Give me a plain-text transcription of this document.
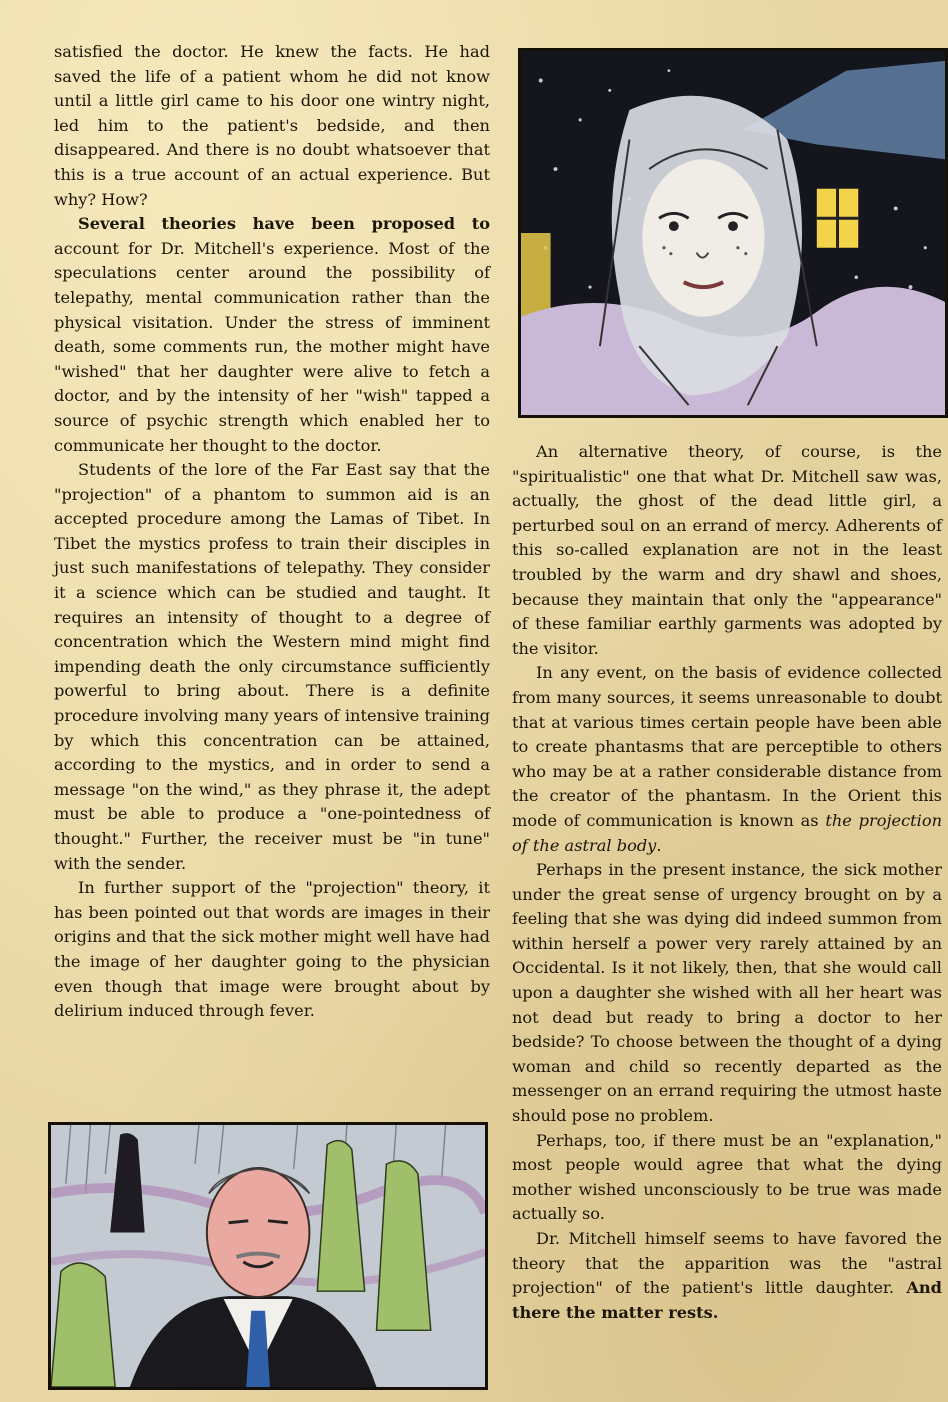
satisfied the doctor. He knew the facts. He had saved the life of a patient whom he did not know until a little girl came to his door one wintry night, led him to the patient's bedside, and then disappeared. And there is no doubt whatsoever that this is a true account of an actual experience. But why? How?

Several theories have been proposed to account for Dr. Mitchell's experience. Most of the speculations center around the possibility of telepathy, mental communication rather than the physical visitation. Under the stress of imminent death, some comments run, the mother might have "wished" that her daughter were alive to fetch a doctor, and by the intensity of her "wish" tapped a source of psychic strength which enabled her to communicate her thought to the doctor.

Students of the lore of the Far East say that the "projection" of a phantom to summon aid is an accepted procedure among the Lamas of Tibet. In Tibet the mystics profess to train their disciples in just such manifestations of telepathy. They consider it a science which can be studied and taught. It requires an intensity of thought to a degree of concentration which the Western mind might find impending death the only circumstance sufficiently powerful to bring about. There is a definite procedure involving many years of intensive training by which this concentration can be attained, according to the mystics, and in order to send a message "on the wind," as they phrase it, the adept must be able to produce a "one-pointedness of thought." Further, the receiver must be "in tune" with the sender.

In further support of the "projection" theory, it has been pointed out that words are images in their origins and that the sick mother might well have had the image of her daughter going to the physician even though that image were brought about by delirium induced through fever.

An alternative theory, of course, is the "spiritualistic" one that what Dr. Mitchell saw was, actually, the ghost of the dead little girl, a perturbed soul on an errand of mercy. Adherents of this so-called explanation are not in the least troubled by the warm and dry shawl and shoes, because they maintain that only the "appearance" of these familiar earthly garments was adopted by the visitor.

In any event, on the basis of evidence collected from many sources, it seems unreasonable to doubt that at various times certain people have been able to create phantasms that are perceptible to others who may be at a rather considerable distance from the creator of the phantasm. In the Orient this mode of communication is known as the projection of the astral body.

Perhaps in the present instance, the sick mother under the great sense of urgency brought on by a feeling that she was dying did indeed summon from within herself a power very rarely attained by an Occidental. Is it not likely, then, that she would call upon a daughter she wished with all her heart was not dead but ready to bring a doctor to her bedside? To choose between the thought of a dying woman and child so recently departed as the messenger on an errand requiring the utmost haste should pose no problem.

Perhaps, too, if there must be an "explanation," most people would agree that what the dying mother wished unconsciously to be true was made actually so.

Dr. Mitchell himself seems to have favored the theory that the apparition was the "astral projection" of the patient's little daughter. And there the matter rests.
